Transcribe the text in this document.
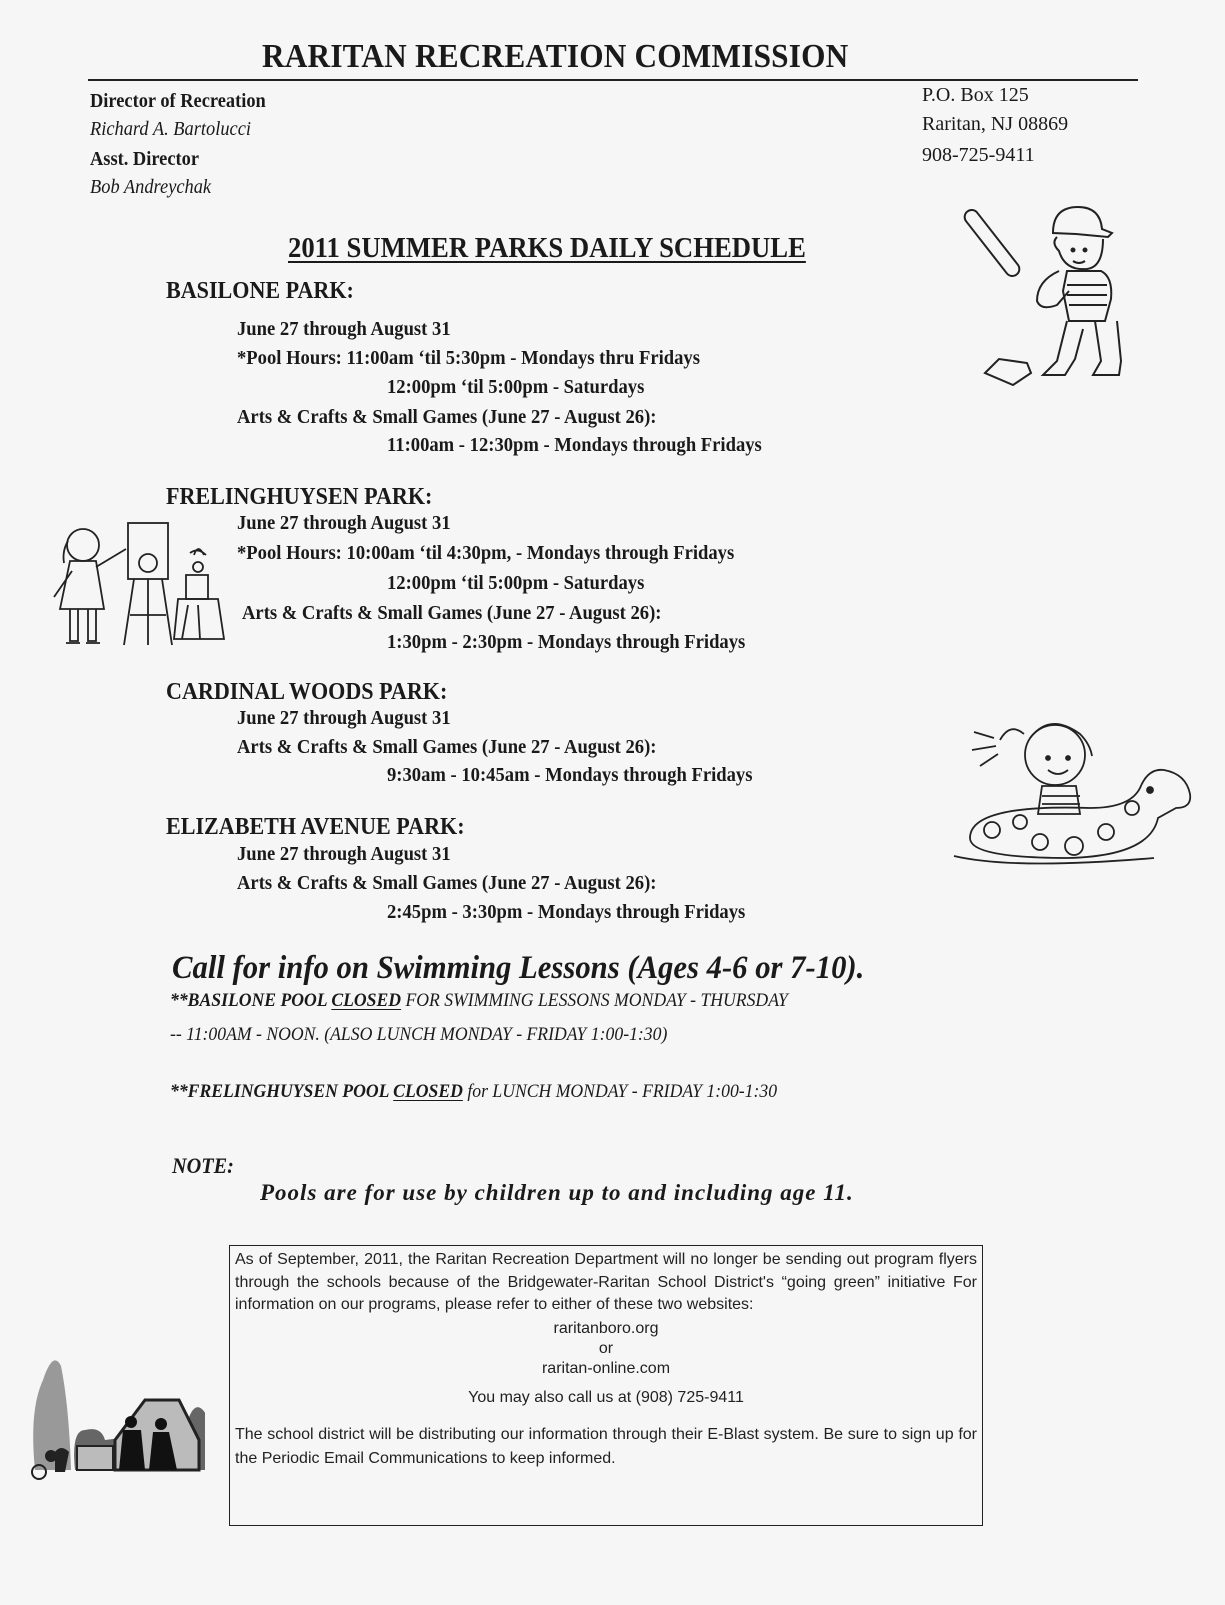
RARITAN RECREATION COMMISSION
Director of Recreation
Richard A. Bartolucci
Asst. Director
Bob Andreychak
P.O. Box 125
Raritan, NJ 08869
908-725-9411
2011 SUMMER PARKS DAILY SCHEDULE
BASILONE PARK:
June 27 through August 31
*Pool Hours: 11:00am ‘til 5:30pm - Mondays thru Fridays
12:00pm ‘til 5:00pm - Saturdays
Arts & Crafts & Small Games (June 27 - August 26):
11:00am - 12:30pm - Mondays through Fridays
FRELINGHUYSEN PARK:
June 27 through August 31
*Pool Hours: 10:00am ‘til 4:30pm, - Mondays through Fridays
12:00pm ‘til 5:00pm - Saturdays
Arts & Crafts & Small Games (June 27 - August 26):
1:30pm - 2:30pm - Mondays through Fridays
CARDINAL WOODS PARK:
June 27 through August 31
Arts & Crafts & Small Games (June 27 - August 26):
9:30am - 10:45am - Mondays through Fridays
ELIZABETH AVENUE PARK:
June 27 through August 31
Arts & Crafts & Small Games (June 27 - August 26):
2:45pm - 3:30pm - Mondays through Fridays
Call for info on Swimming Lessons (Ages 4-6 or 7-10).
**BASILONE POOL CLOSED FOR SWIMMING LESSONS MONDAY - THURSDAY
-- 11:00AM - NOON. (ALSO LUNCH MONDAY - FRIDAY 1:00-1:30)
**FRELINGHUYSEN POOL CLOSED for LUNCH MONDAY - FRIDAY 1:00-1:30
NOTE:
Pools are for use by children up to and including age 11.

As of September, 2011, the Raritan Recreation Department will no longer be sending out program flyers through the schools because of the Bridgewater-Raritan School District's “going green” initiative For information on our programs, please refer to either of these two websites:

raritanboro.org
or
raritan-online.com

You may also call us at (908) 725-9411

The school district will be distributing our information through their E-Blast system. Be sure to sign up for the Periodic Email Communications to keep informed.
